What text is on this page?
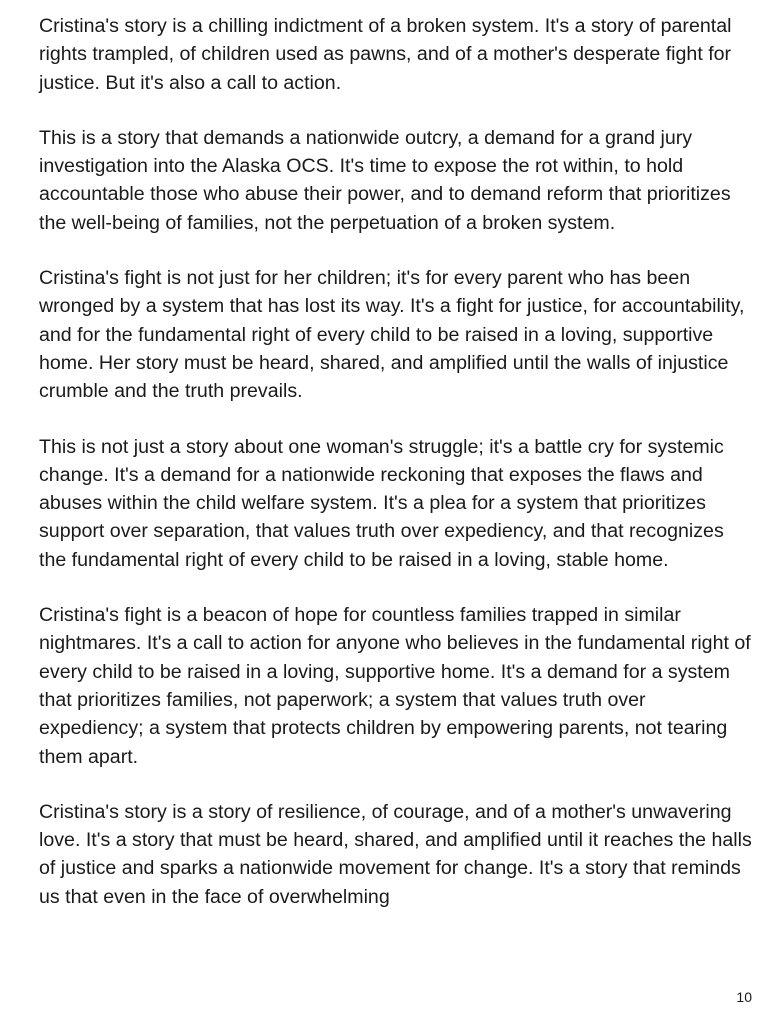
Cristina's story is a chilling indictment of a broken system. It's a story of parental rights trampled, of children used as pawns, and of a mother's desperate fight for justice. But it's also a call to action.

This is a story that demands a nationwide outcry, a demand for a grand jury investigation into the Alaska OCS. It's time to expose the rot within, to hold accountable those who abuse their power, and to demand reform that prioritizes the well-being of families, not the perpetuation of a broken system.

Cristina's fight is not just for her children; it's for every parent who has been wronged by a system that has lost its way. It's a fight for justice, for accountability, and for the fundamental right of every child to be raised in a loving, supportive home. Her story must be heard, shared, and amplified until the walls of injustice crumble and the truth prevails.

This is not just a story about one woman's struggle; it's a battle cry for systemic change. It's a demand for a nationwide reckoning that exposes the flaws and abuses within the child welfare system. It's a plea for a system that prioritizes support over separation, that values truth over expediency, and that recognizes the fundamental right of every child to be raised in a loving, stable home.

Cristina's fight is a beacon of hope for countless families trapped in similar nightmares. It's a call to action for anyone who believes in the fundamental right of every child to be raised in a loving, supportive home. It's a demand for a system that prioritizes families, not paperwork; a system that values truth over expediency; a system that protects children by empowering parents, not tearing them apart.

Cristina's story is a story of resilience, of courage, and of a mother's unwavering love. It's a story that must be heard, shared, and amplified until it reaches the halls of justice and sparks a nationwide movement for change. It's a story that reminds us that even in the face of overwhelming

10
